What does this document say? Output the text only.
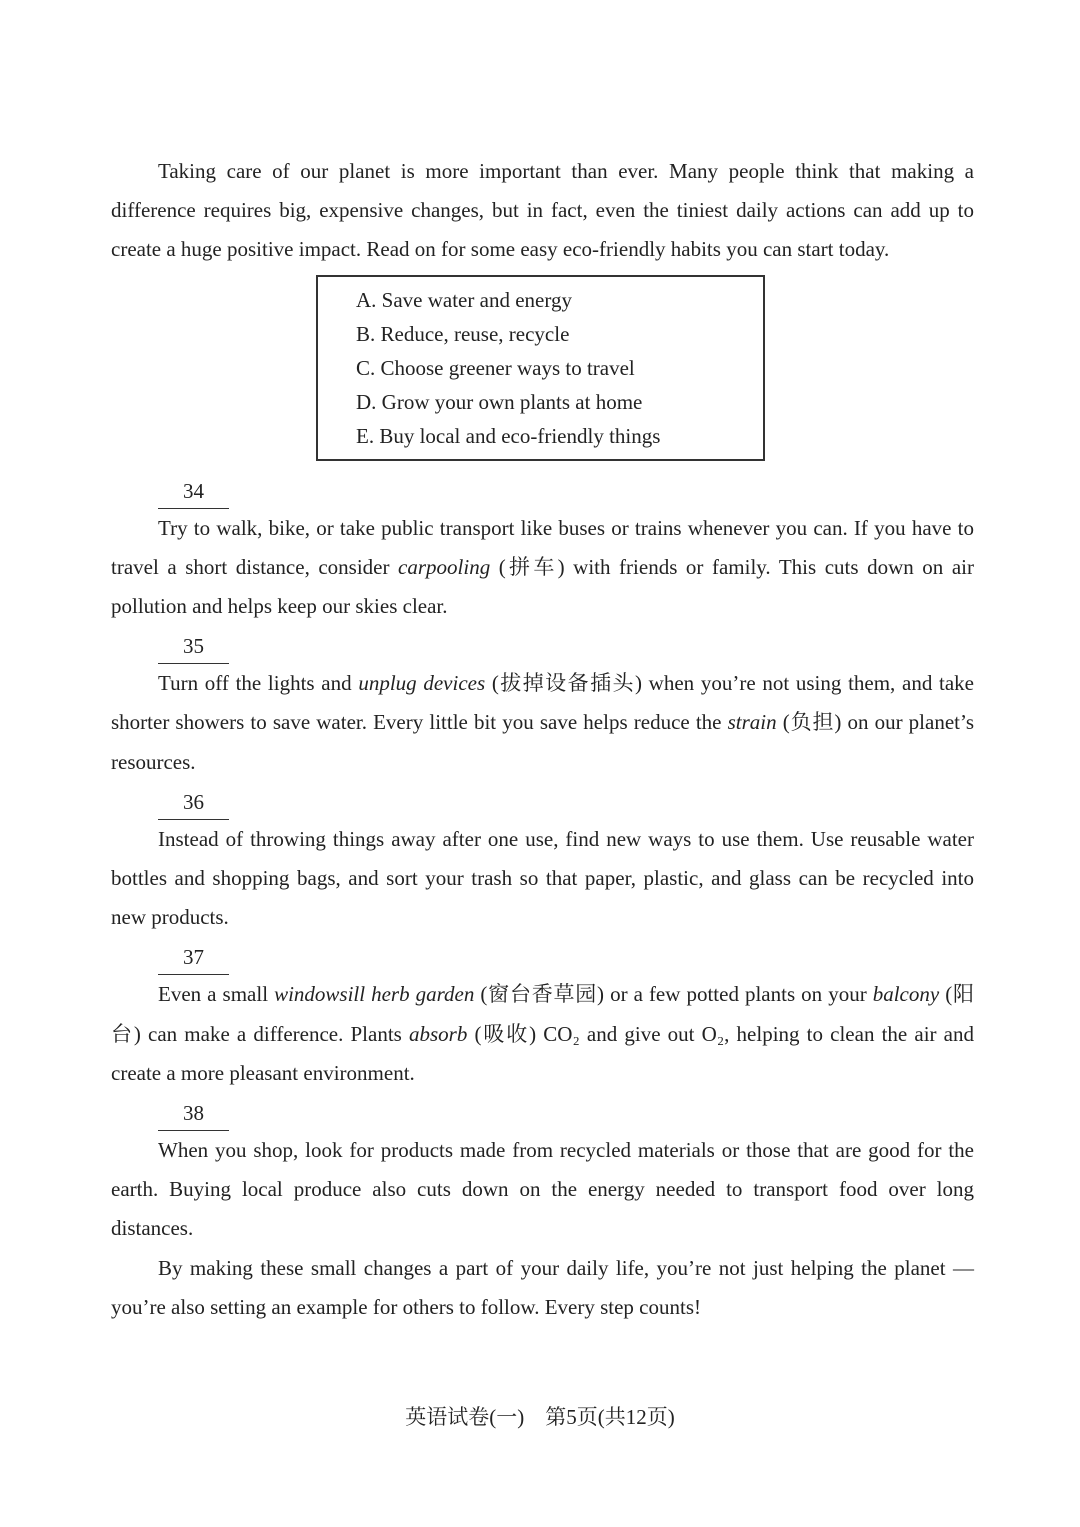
Taking care of our planet is more important than ever. Many people think that making a difference requires big, expensive changes, but in fact, even the tiniest daily actions can add up to create a huge positive impact. Read on for some easy eco-friendly habits you can start today.

A. Save water and energy
B. Reduce, reuse, recycle
C. Choose greener ways to travel
D. Grow your own plants at home
E. Buy local and eco-friendly things
34

Try to walk, bike, or take public transport like buses or trains whenever you can. If you have to travel a short distance, consider carpooling (拼车) with friends or family. This cuts down on air pollution and helps keep our skies clear.

35

Turn off the lights and unplug devices (拔掉设备插头) when you’re not using them, and take shorter showers to save water. Every little bit you save helps reduce the strain (负担) on our planet’s resources.

36

Instead of throwing things away after one use, find new ways to use them. Use reusable water bottles and shopping bags, and sort your trash so that paper, plastic, and glass can be recycled into new products.

37

Even a small windowsill herb garden (窗台香草园) or a few potted plants on your balcony (阳台) can make a difference. Plants absorb (吸收) CO₂ and give out O₂, helping to clean the air and create a more pleasant environment.

38

When you shop, look for products made from recycled materials or those that are good for the earth. Buying local produce also cuts down on the energy needed to transport food over long distances.

By making these small changes a part of your daily life, you’re not just helping the planet — you’re also setting an example for others to follow. Every step counts!

英语试卷(一)　第5页(共12页)
